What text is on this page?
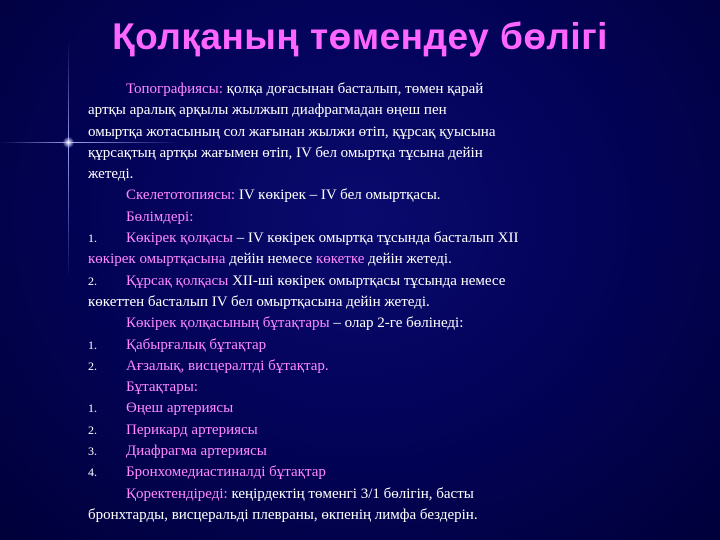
Қолқаның төмендеу бөлігі
Топографиясы: қолқа доғасынан басталып, төмен қарай
артқы аралық арқылы жылжып диафрагмадан өңеш пен
омыртқа жотасының сол жағынан жылжи өтіп, құрсақ қуысына
құрсақтың артқы жағымен өтіп, IV бел омыртқа тұсына дейін
жетеді.
Скелетотопиясы: IV көкірек – IV бел омыртқасы.
Бөлімдері:
1. Көкірек қолқасы – IV көкірек омыртқа тұсында басталып XII
көкірек омыртқасына дейін немесе көкетке дейін жетеді.
2. Құрсақ қолқасы XII-ші көкірек омыртқасы тұсында немесе
көкеттен басталып IV бел омыртқасына дейін жетеді.
Көкірек қолқасының бұтақтары – олар 2-ге бөлінеді:
1. Қабырғалық бұтақтар
2. Ағзалық, висцералтді бұтақтар.
Бұтақтары:
1. Өңеш артериясы
2. Перикард артериясы
3. Диафрагма артериясы
4. Бронхомедиастиналді бұтақтар
Қоректендіреді: кеңірдектің төменгі 3/1 бөлігін, басты
бронхтарды, висцеральді плевраны, өкпенің лимфа бездерін.
